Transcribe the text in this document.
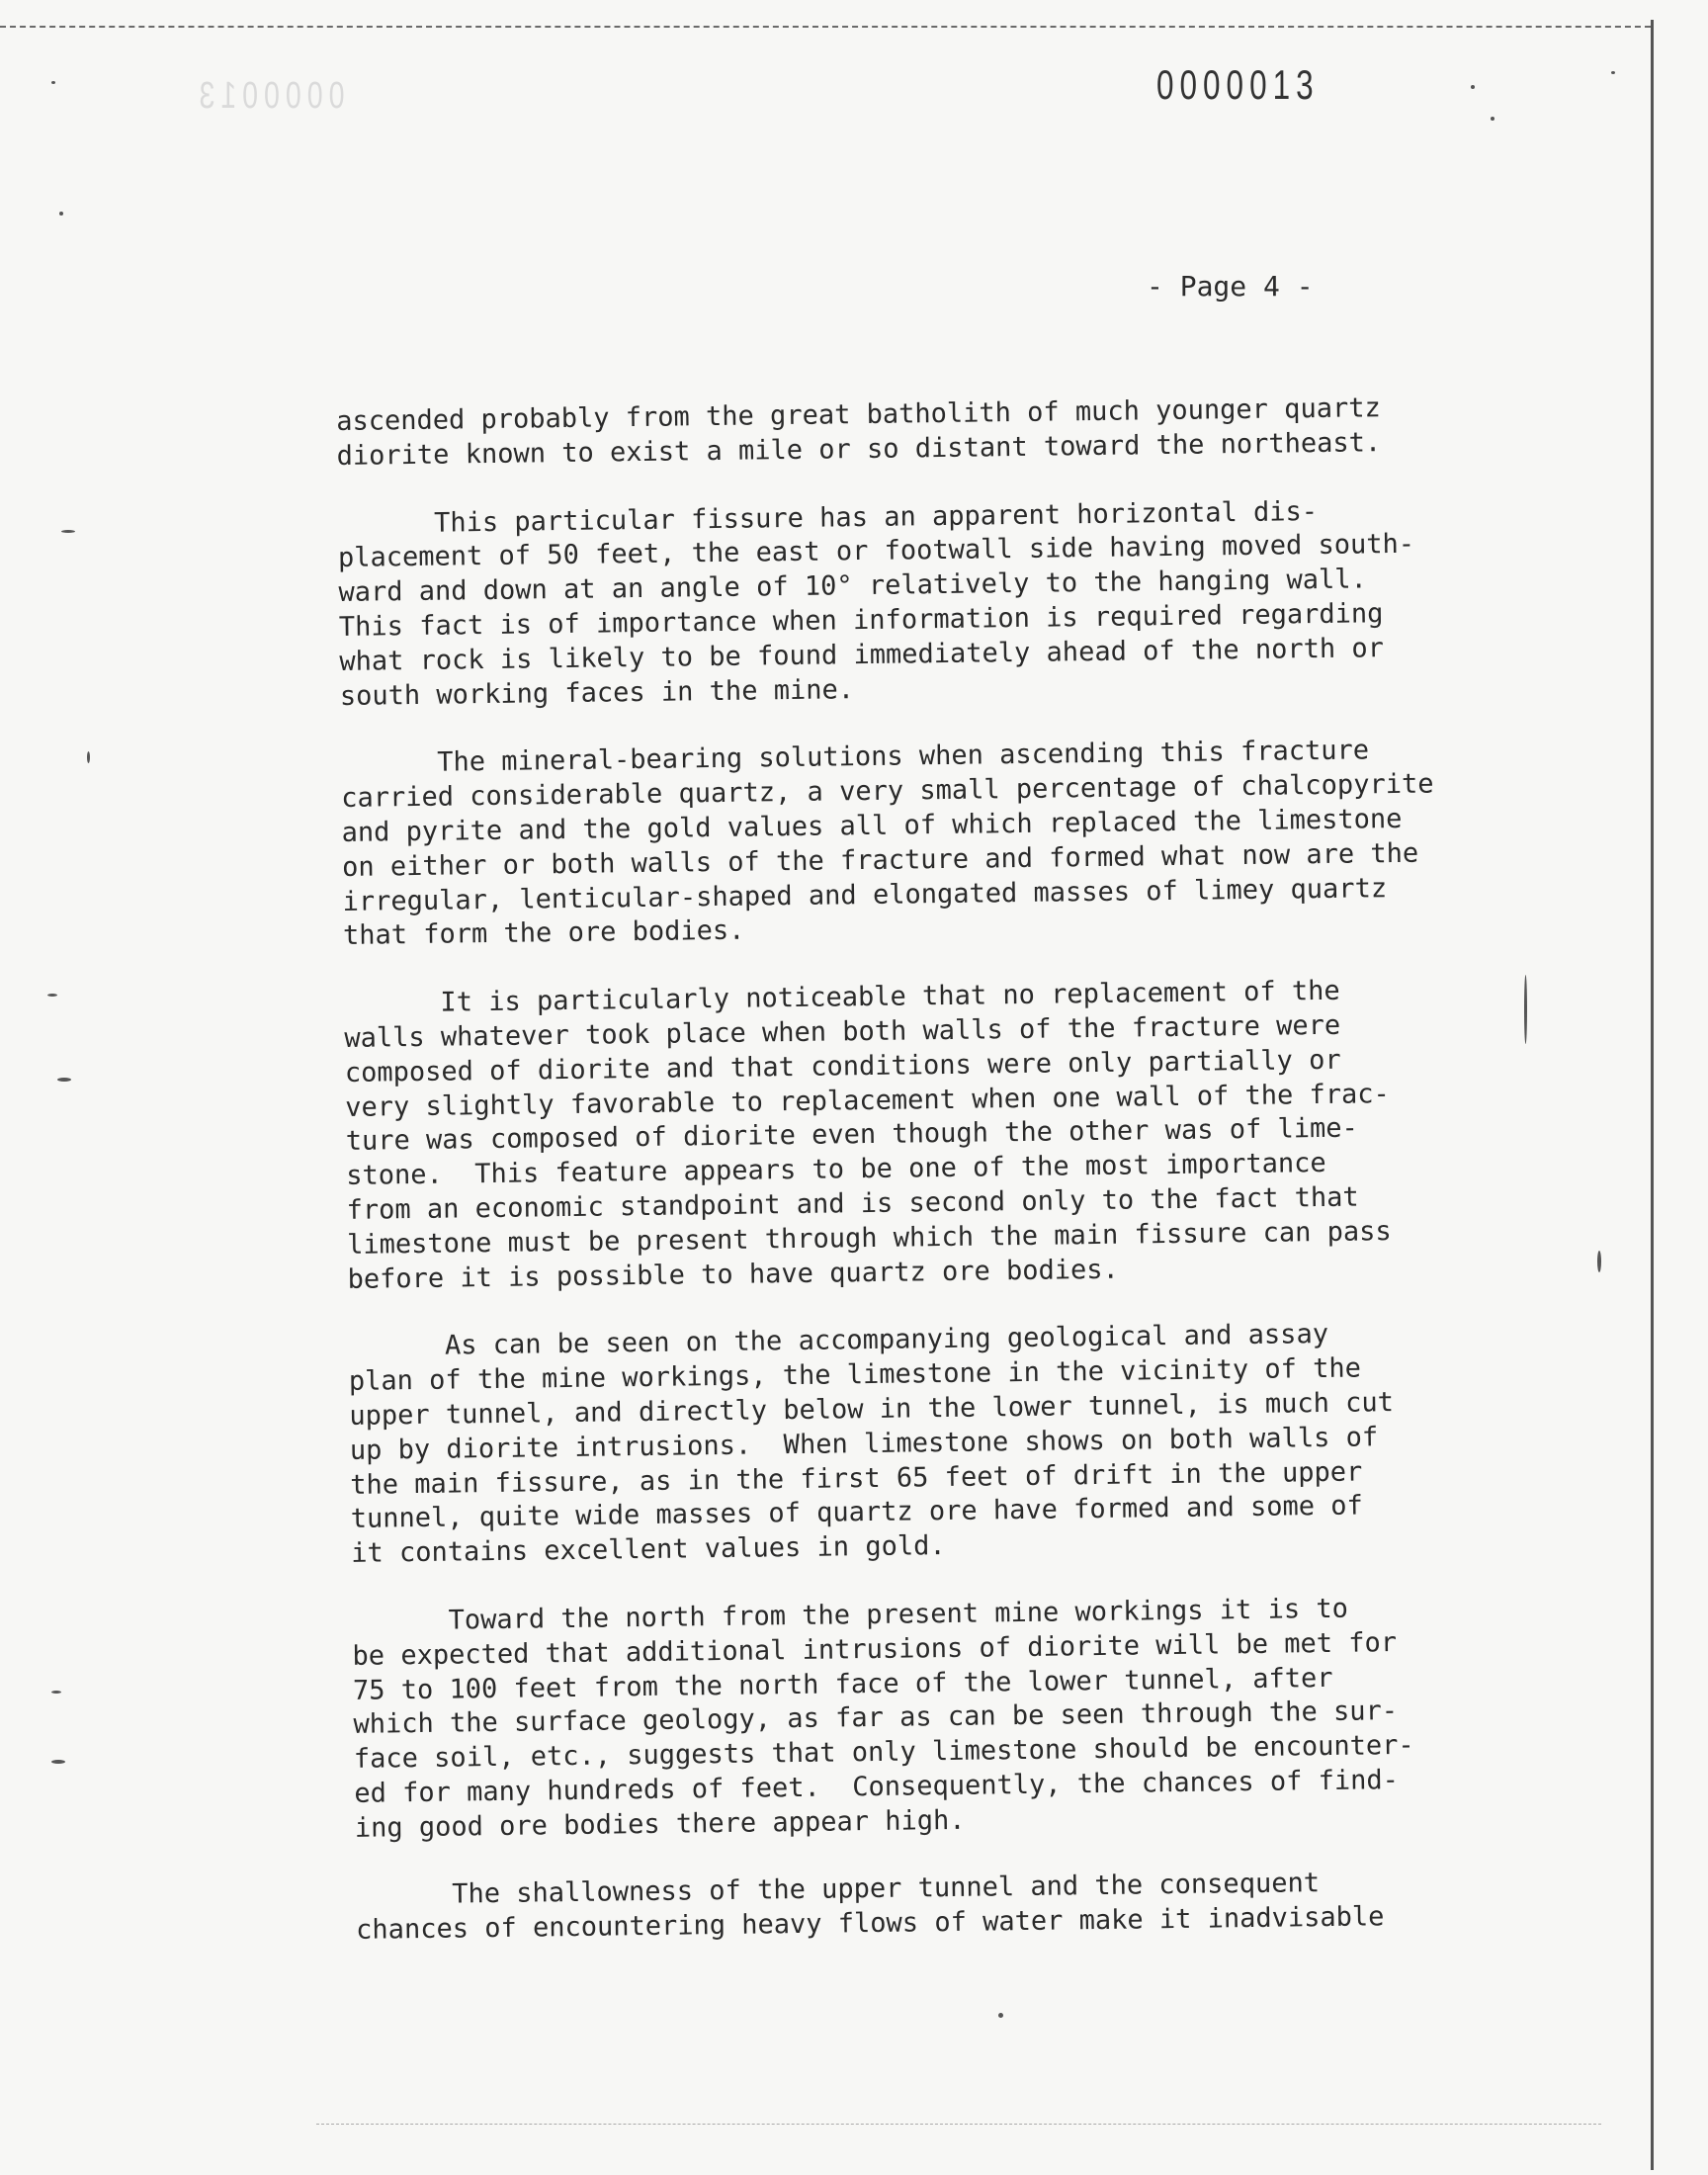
0000013	0000013
- Page 4 -
ascended probably from the great batholith of much younger quartz
diorite known to exist a mile or so distant toward the northeast.
This particular fissure has an apparent horizontal dis-
placement of 50 feet, the east or footwall side having moved south-
ward and down at an angle of 10° relatively to the hanging wall.
This fact is of importance when information is required regarding
what rock is likely to be found immediately ahead of the north or
south working faces in the mine.
The mineral-bearing solutions when ascending this fracture
carried considerable quartz, a very small percentage of chalcopyrite
and pyrite and the gold values all of which replaced the limestone
on either or both walls of the fracture and formed what now are the
irregular, lenticular-shaped and elongated masses of limey quartz
that form the ore bodies.
It is particularly noticeable that no replacement of the
walls whatever took place when both walls of the fracture were
composed of diorite and that conditions were only partially or
very slightly favorable to replacement when one wall of the frac-
ture was composed of diorite even though the other was of lime-
stone.  This feature appears to be one of the most importance
from an economic standpoint and is second only to the fact that
limestone must be present through which the main fissure can pass
before it is possible to have quartz ore bodies.
As can be seen on the accompanying geological and assay
plan of the mine workings, the limestone in the vicinity of the
upper tunnel, and directly below in the lower tunnel, is much cut
up by diorite intrusions.  When limestone shows on both walls of
the main fissure, as in the first 65 feet of drift in the upper
tunnel, quite wide masses of quartz ore have formed and some of
it contains excellent values in gold.
Toward the north from the present mine workings it is to
be expected that additional intrusions of diorite will be met for
75 to 100 feet from the north face of the lower tunnel, after
which the surface geology, as far as can be seen through the sur-
face soil, etc., suggests that only limestone should be encounter-
ed for many hundreds of feet.  Consequently, the chances of find-
ing good ore bodies there appear high.
The shallowness of the upper tunnel and the consequent
chances of encountering heavy flows of water make it inadvisable
